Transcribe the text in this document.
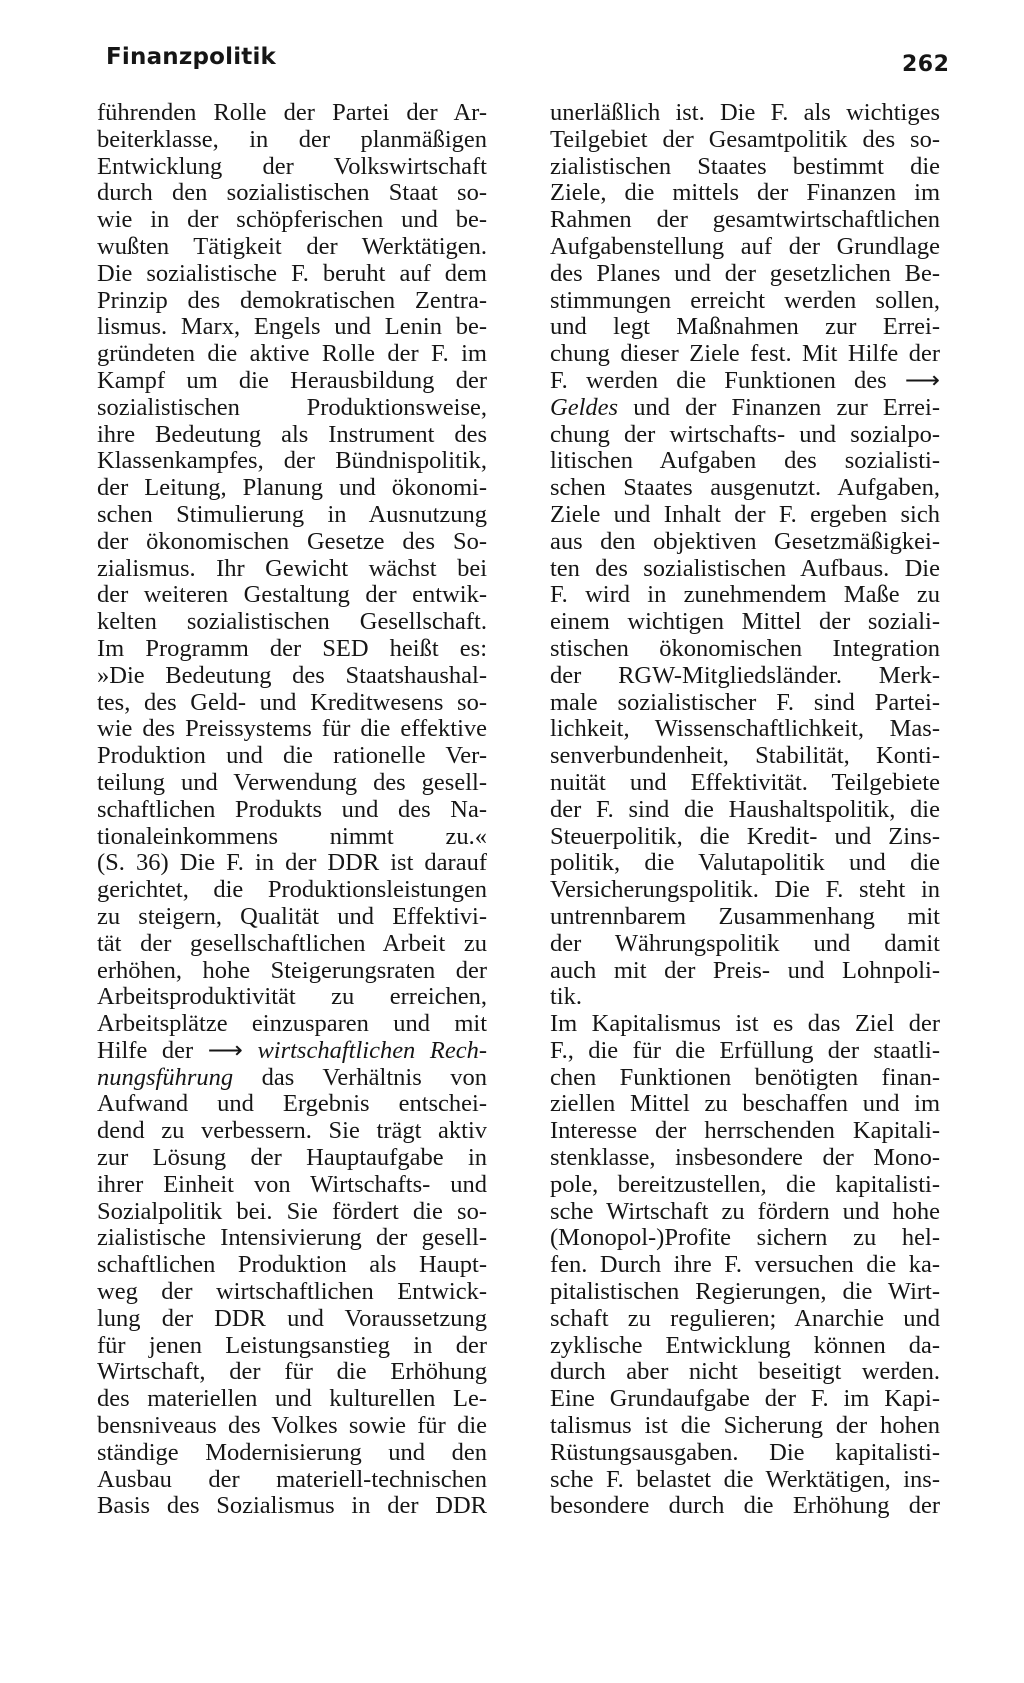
Finanzpolitik	262
führenden Rolle der Partei der Ar-
beiterklasse, in der planmäßigen
Entwicklung der Volkswirtschaft
durch den sozialistischen Staat so-
wie in der schöpferischen und be-
wußten Tätigkeit der Werktätigen.
Die sozialistische F. beruht auf dem
Prinzip des demokratischen Zentra-
lismus. Marx, Engels und Lenin be-
gründeten die aktive Rolle der F. im
Kampf um die Herausbildung der
sozialistischen Produktionsweise,
ihre Bedeutung als Instrument des
Klassenkampfes, der Bündnispolitik,
der Leitung, Planung und ökonomi-
schen Stimulierung in Ausnutzung
der ökonomischen Gesetze des So-
zialismus. Ihr Gewicht wächst bei
der weiteren Gestaltung der entwik-
kelten sozialistischen Gesellschaft.
Im Programm der SED heißt es:
»Die Bedeutung des Staatshaushal-
tes, des Geld- und Kreditwesens so-
wie des Preissystems für die effektive
Produktion und die rationelle Ver-
teilung und Verwendung des gesell-
schaftlichen Produkts und des Na-
tionaleinkommens nimmt zu.«
(S. 36) Die F. in der DDR ist darauf
gerichtet, die Produktionsleistungen
zu steigern, Qualität und Effektivi-
tät der gesellschaftlichen Arbeit zu
erhöhen, hohe Steigerungsraten der
Arbeitsproduktivität zu erreichen,
Arbeitsplätze einzusparen und mit
Hilfe der ⟶ wirtschaftlichen Rech-
nungsführung das Verhältnis von
Aufwand und Ergebnis entschei-
dend zu verbessern. Sie trägt aktiv
zur Lösung der Hauptaufgabe in
ihrer Einheit von Wirtschafts- und
Sozialpolitik bei. Sie fördert die so-
zialistische Intensivierung der gesell-
schaftlichen Produktion als Haupt-
weg der wirtschaftlichen Entwick-
lung der DDR und Voraussetzung
für jenen Leistungsanstieg in der
Wirtschaft, der für die Erhöhung
des materiellen und kulturellen Le-
bensniveaus des Volkes sowie für die
ständige Modernisierung und den
Ausbau der materiell-technischen
Basis des Sozialismus in der DDR
unerläßlich ist. Die F. als wichtiges
Teilgebiet der Gesamtpolitik des so-
zialistischen Staates bestimmt die
Ziele, die mittels der Finanzen im
Rahmen der gesamtwirtschaftlichen
Aufgabenstellung auf der Grundlage
des Planes und der gesetzlichen Be-
stimmungen erreicht werden sollen,
und legt Maßnahmen zur Errei-
chung dieser Ziele fest. Mit Hilfe der
F. werden die Funktionen des ⟶
Geldes und der Finanzen zur Errei-
chung der wirtschafts- und sozialpo-
litischen Aufgaben des sozialisti-
schen Staates ausgenutzt. Aufgaben,
Ziele und Inhalt der F. ergeben sich
aus den objektiven Gesetzmäßigkei-
ten des sozialistischen Aufbaus. Die
F. wird in zunehmendem Maße zu
einem wichtigen Mittel der soziali-
stischen ökonomischen Integration
der RGW-Mitgliedsländer. Merk-
male sozialistischer F. sind Partei-
lichkeit, Wissenschaftlichkeit, Mas-
senverbundenheit, Stabilität, Konti-
nuität und Effektivität. Teilgebiete
der F. sind die Haushaltspolitik, die
Steuerpolitik, die Kredit- und Zins-
politik, die Valutapolitik und die
Versicherungspolitik. Die F. steht in
untrennbarem Zusammenhang mit
der Währungspolitik und damit
auch mit der Preis- und Lohnpoli-
tik.
Im Kapitalismus ist es das Ziel der
F., die für die Erfüllung der staatli-
chen Funktionen benötigten finan-
ziellen Mittel zu beschaffen und im
Interesse der herrschenden Kapitali-
stenklasse, insbesondere der Mono-
pole, bereitzustellen, die kapitalisti-
sche Wirtschaft zu fördern und hohe
(Monopol-)Profite sichern zu hel-
fen. Durch ihre F. versuchen die ka-
pitalistischen Regierungen, die Wirt-
schaft zu regulieren; Anarchie und
zyklische Entwicklung können da-
durch aber nicht beseitigt werden.
Eine Grundaufgabe der F. im Kapi-
talismus ist die Sicherung der hohen
Rüstungsausgaben. Die kapitalisti-
sche F. belastet die Werktätigen, ins-
besondere durch die Erhöhung der
